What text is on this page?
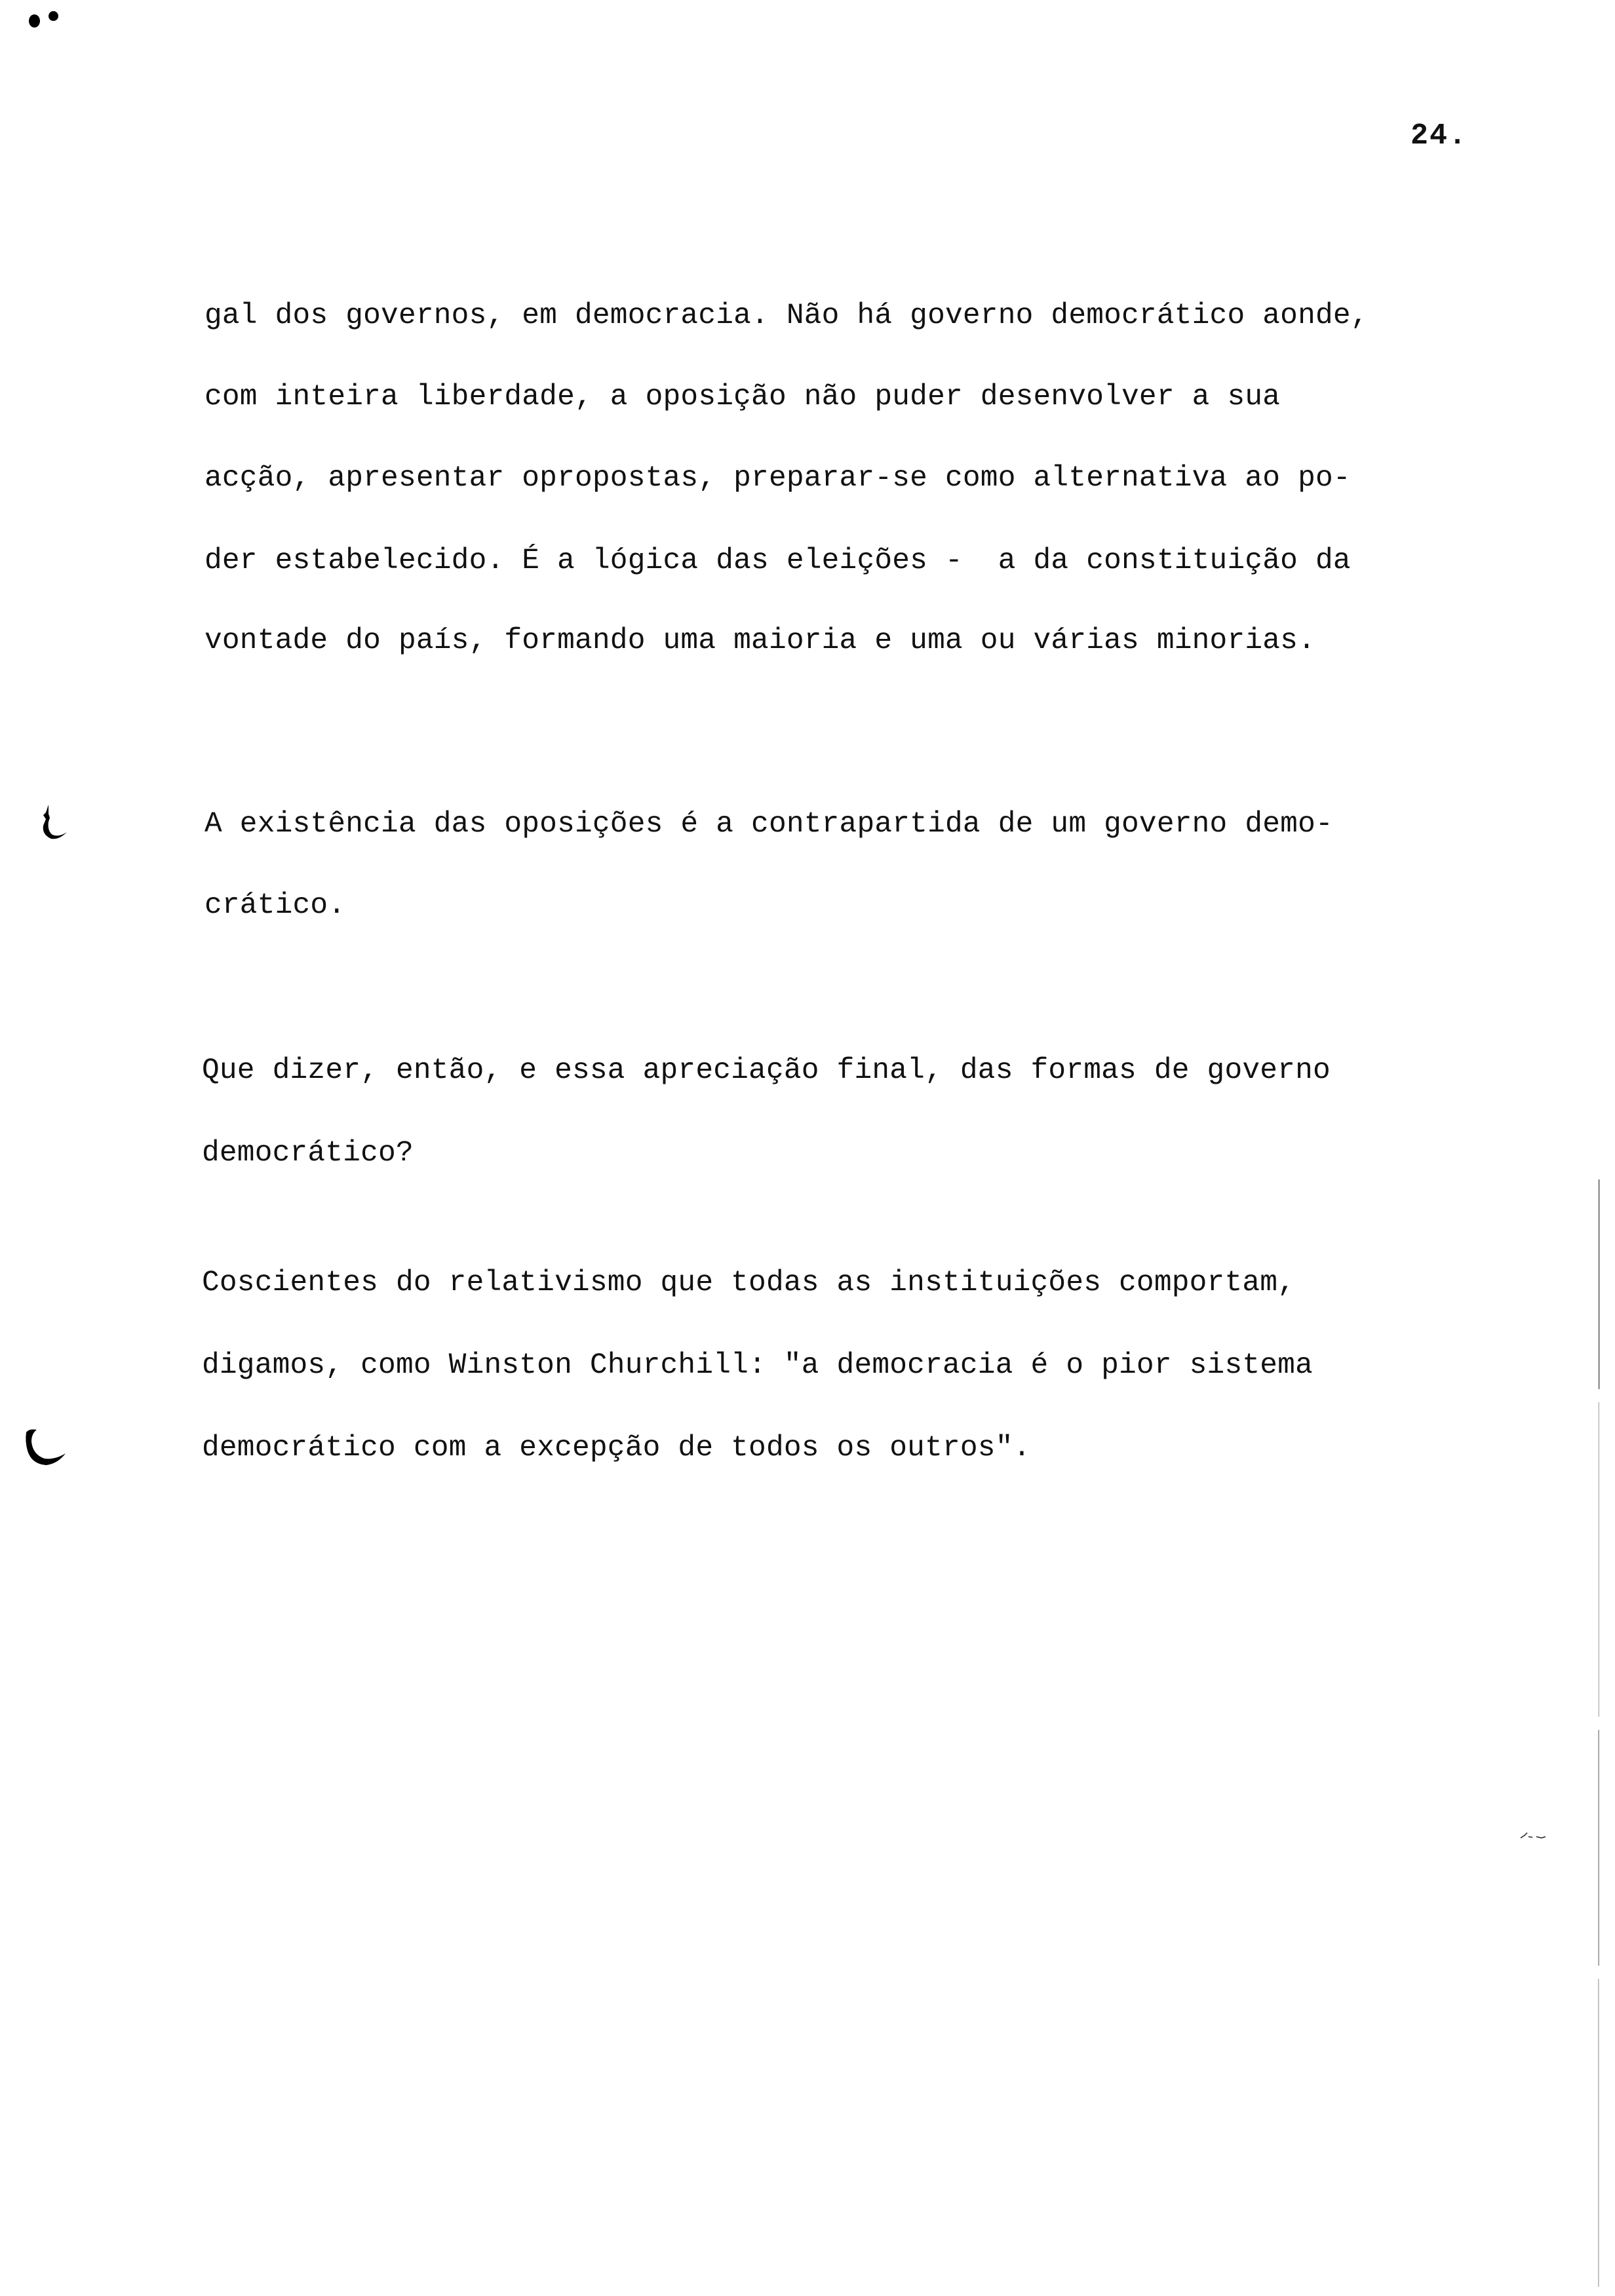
24.
gal dos governos, em democracia. Não há governo democrático aonde,
com inteira liberdade, a oposição não puder desenvolver a sua
acção, apresentar opropostas, preparar-se como alternativa ao po-
der estabelecido. É a lógica das eleições -  a da constituição da
vontade do país, formando uma maioria e uma ou várias minorias.
A existência das oposições é a contrapartida de um governo demo-
crático.
Que dizer, então, e essa apreciação final, das formas de governo
democrático?
Coscientes do relativismo que todas as instituições comportam,
digamos, como Winston Churchill: "a democracia é o pior sistema
democrático com a excepção de todos os outros".
